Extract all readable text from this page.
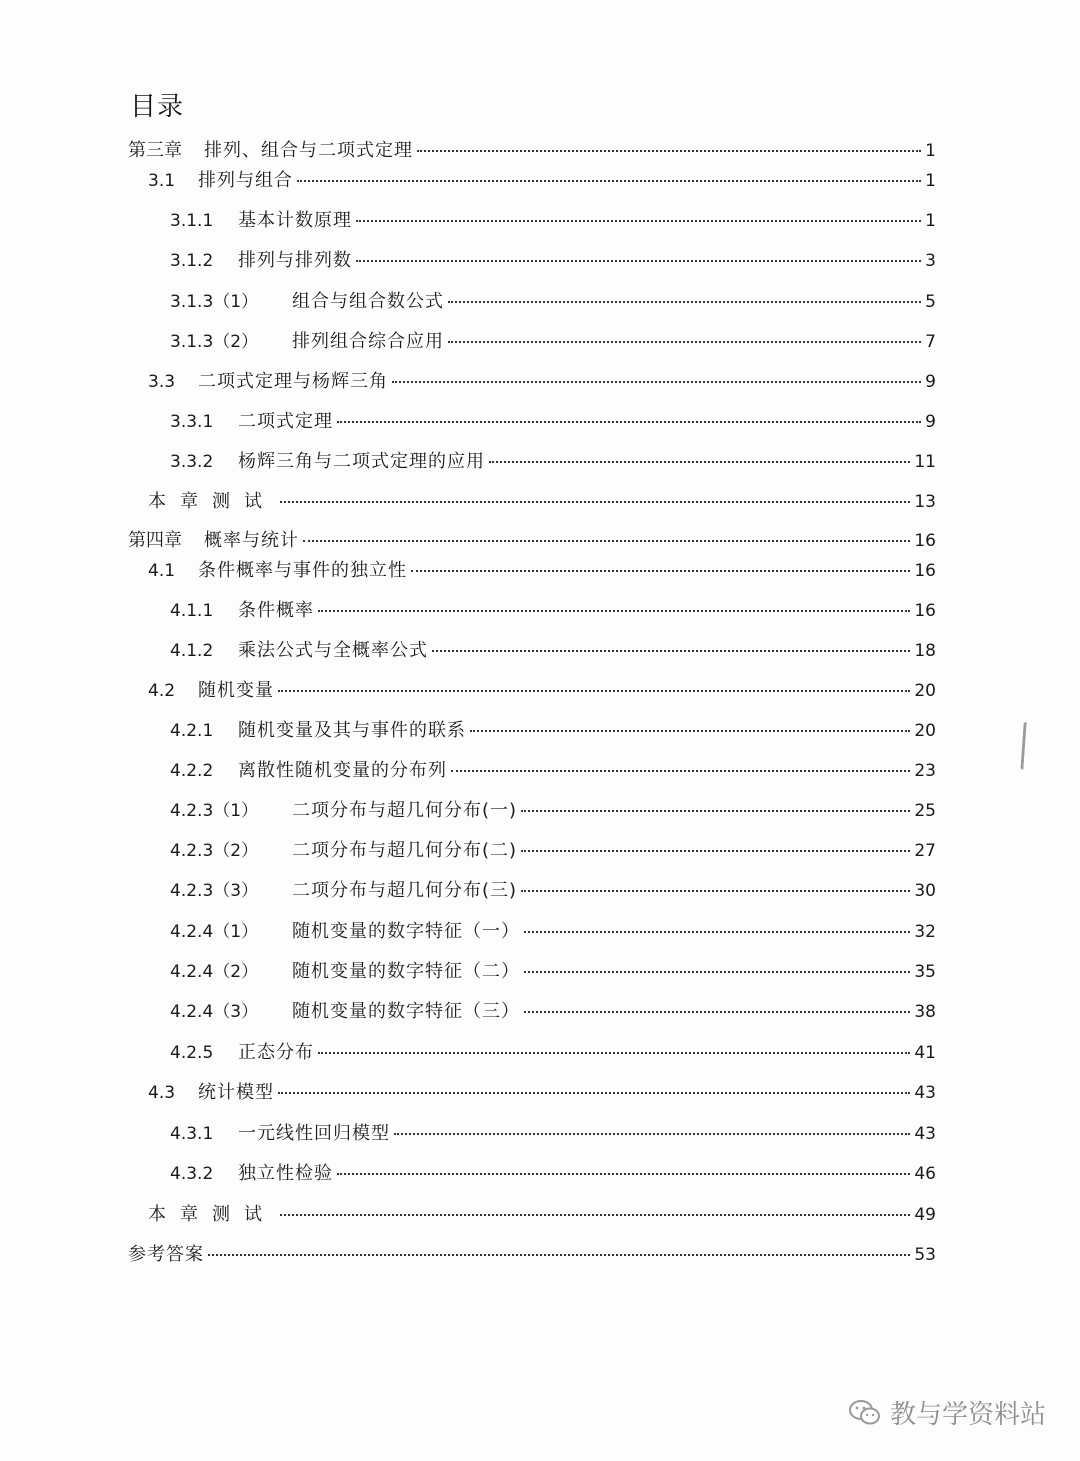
目录
第三章 排列、组合与二项式定理	1
3.1	排列与组合	1
3.1.1	基本计数原理	1
3.1.2	排列与排列数	3
3.1.3（1）	组合与组合数公式	5
3.1.3（2）	排列组合综合应用	7
3.3	二项式定理与杨辉三角	9
3.3.1	二项式定理	9
3.3.2	杨辉三角与二项式定理的应用	11
本章测试	13
第四章 概率与统计	16
4.1	条件概率与事件的独立性	16
4.1.1	条件概率	16
4.1.2	乘法公式与全概率公式	18
4.2	随机变量	20
4.2.1	随机变量及其与事件的联系	20
4.2.2	离散性随机变量的分布列	23
4.2.3（1）	二项分布与超几何分布(一)	25
4.2.3（2）	二项分布与超几何分布(二)	27
4.2.3（3）	二项分布与超几何分布(三)	30
4.2.4（1）	随机变量的数字特征（一）	32
4.2.4（2）	随机变量的数字特征（二）	35
4.2.4（3）	随机变量的数字特征（三）	38
4.2.5	正态分布	41
4.3	统计模型	43
4.3.1	一元线性回归模型	43
4.3.2	独立性检验	46
本章测试	49
参考答案	53
教与学资料站
